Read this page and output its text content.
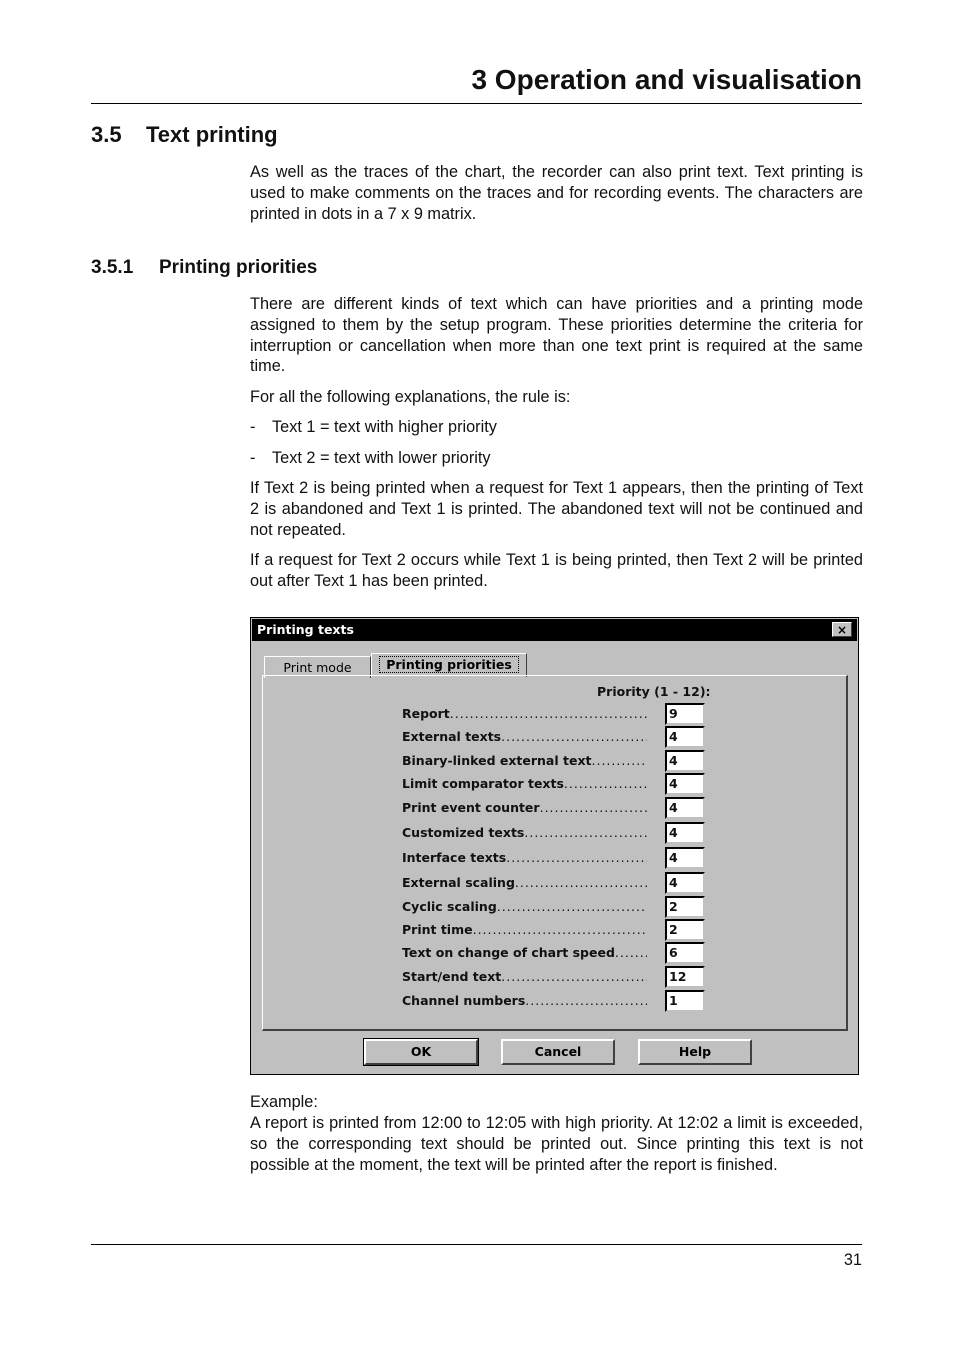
3 Operation and visualisation
3.5 Text printing

As well as the traces of the chart, the recorder can also print text. Text printing is used to make comments on the traces and for recording events. The characters are printed in dots in a 7 x 9 matrix.

3.5.1 Printing priorities

There are different kinds of text which can have priorities and a printing mode assigned to them by the setup program. These priorities determine the criteria for interruption or cancellation when more than one text print is required at the same time.

For all the following explanations, the rule is:

- Text 1 = text with higher priority
- Text 2 = text with lower priority

If Text 2 is being printed when a request for Text 1 appears, then the printing of Text 2 is abandoned and Text 1 is printed. The abandoned text will not be continued and not repeated.

If a request for Text 2 occurs while Text 1 is being printed, then Text 2 will be printed out after Text 1 has been printed.

Printing texts	×
Print mode	Printing priorities
Priority (1 - 12):
Report .....	9
External texts .....	4
Binary-linked external text .....	4
Limit comparator texts .....	4
Print event counter .....	4
Customized texts .....	4
Interface texts .....	4
External scaling .....	4
Cyclic scaling .....	2
Print time .....	2
Text on change of chart speed .....	6
Start/end text .....	12
Channel numbers .....	1
OK	Cancel	Help

Example:

A report is printed from 12:00 to 12:05 with high priority. At 12:02 a limit is exceeded, so the corresponding text should be printed out. Since printing this text is not possible at the moment, the text will be printed after the report is finished.

31
